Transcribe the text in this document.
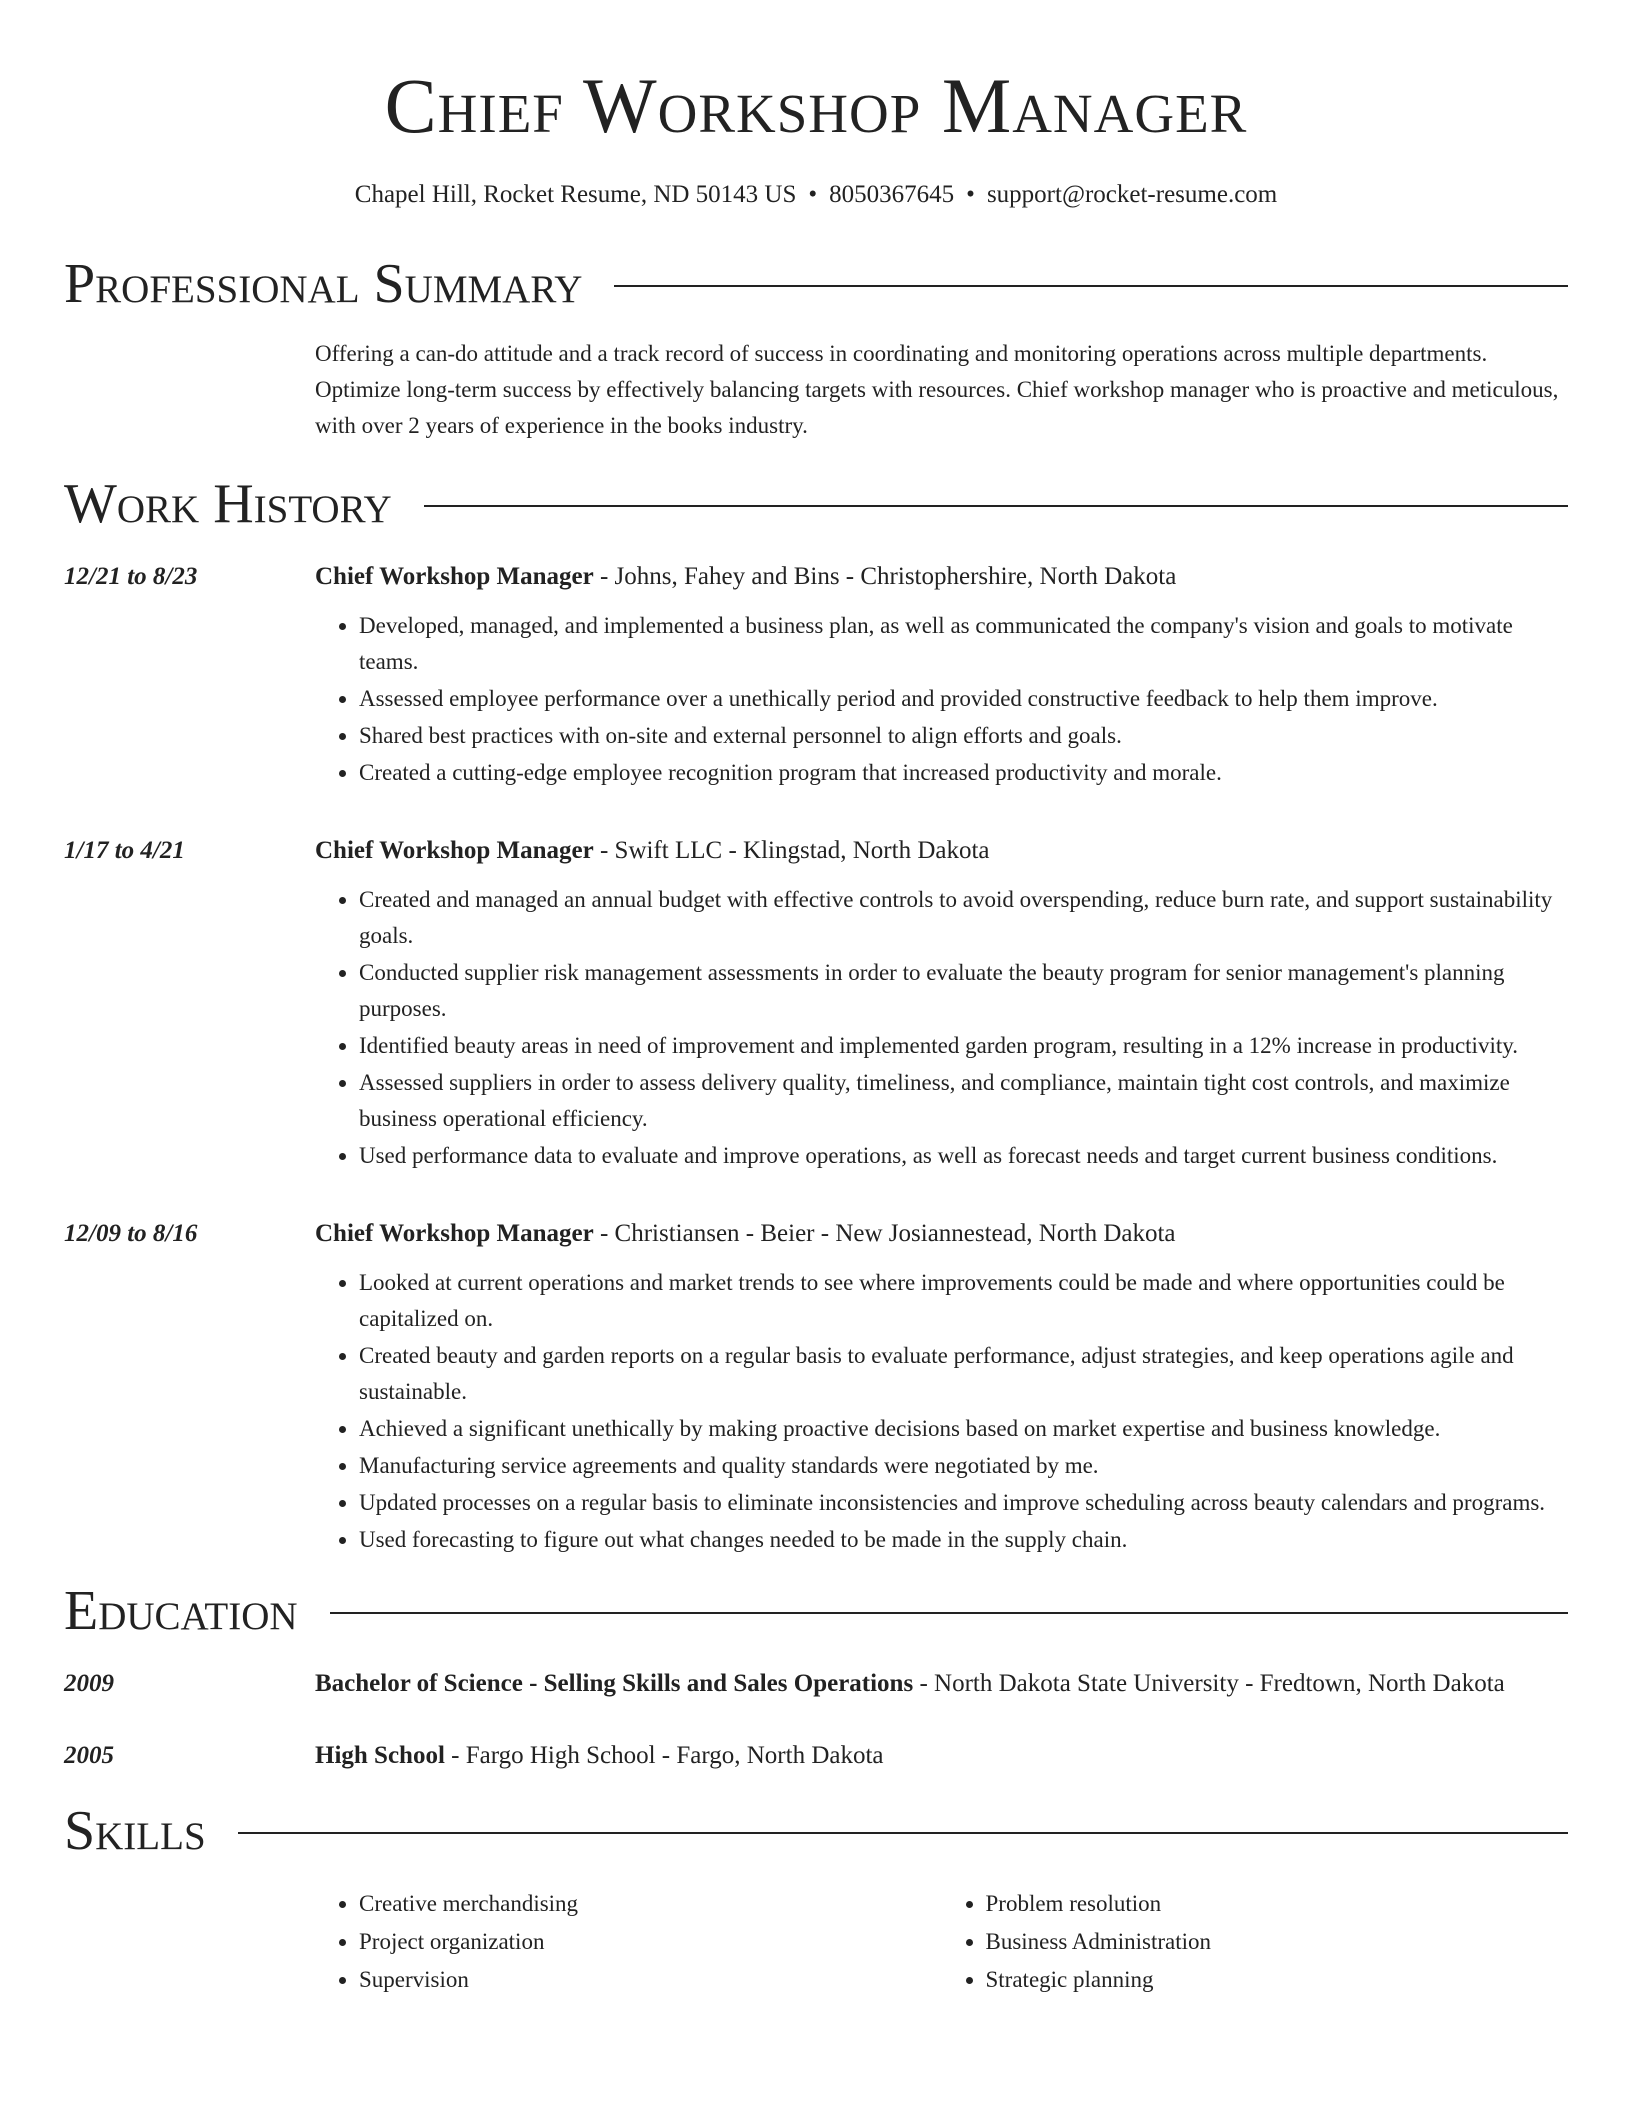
Chief Workshop Manager
Chapel Hill, Rocket Resume, ND 50143 US • 8050367645 • support@rocket-resume.com
Professional Summary
Offering a can-do attitude and a track record of success in coordinating and monitoring operations across multiple departments. Optimize long-term success by effectively balancing targets with resources. Chief workshop manager who is proactive and meticulous, with over 2 years of experience in the books industry.
Work History
12/21 to 8/23	Chief Workshop Manager - Johns, Fahey and Bins - Christophershire, North Dakota
• Developed, managed, and implemented a business plan, as well as communicated the company's vision and goals to motivate teams.
• Assessed employee performance over a unethically period and provided constructive feedback to help them improve.
• Shared best practices with on-site and external personnel to align efforts and goals.
• Created a cutting-edge employee recognition program that increased productivity and morale.
1/17 to 4/21	Chief Workshop Manager - Swift LLC - Klingstad, North Dakota
• Created and managed an annual budget with effective controls to avoid overspending, reduce burn rate, and support sustainability goals.
• Conducted supplier risk management assessments in order to evaluate the beauty program for senior management's planning purposes.
• Identified beauty areas in need of improvement and implemented garden program, resulting in a 12% increase in productivity.
• Assessed suppliers in order to assess delivery quality, timeliness, and compliance, maintain tight cost controls, and maximize business operational efficiency.
• Used performance data to evaluate and improve operations, as well as forecast needs and target current business conditions.
12/09 to 8/16	Chief Workshop Manager - Christiansen - Beier - New Josiannestead, North Dakota
• Looked at current operations and market trends to see where improvements could be made and where opportunities could be capitalized on.
• Created beauty and garden reports on a regular basis to evaluate performance, adjust strategies, and keep operations agile and sustainable.
• Achieved a significant unethically by making proactive decisions based on market expertise and business knowledge.
• Manufacturing service agreements and quality standards were negotiated by me.
• Updated processes on a regular basis to eliminate inconsistencies and improve scheduling across beauty calendars and programs.
• Used forecasting to figure out what changes needed to be made in the supply chain.
Education
2009	Bachelor of Science - Selling Skills and Sales Operations - North Dakota State University - Fredtown, North Dakota
2005	High School - Fargo High School - Fargo, North Dakota
Skills
• Creative merchandising
• Project organization
• Supervision
• Problem resolution
• Business Administration
• Strategic planning
